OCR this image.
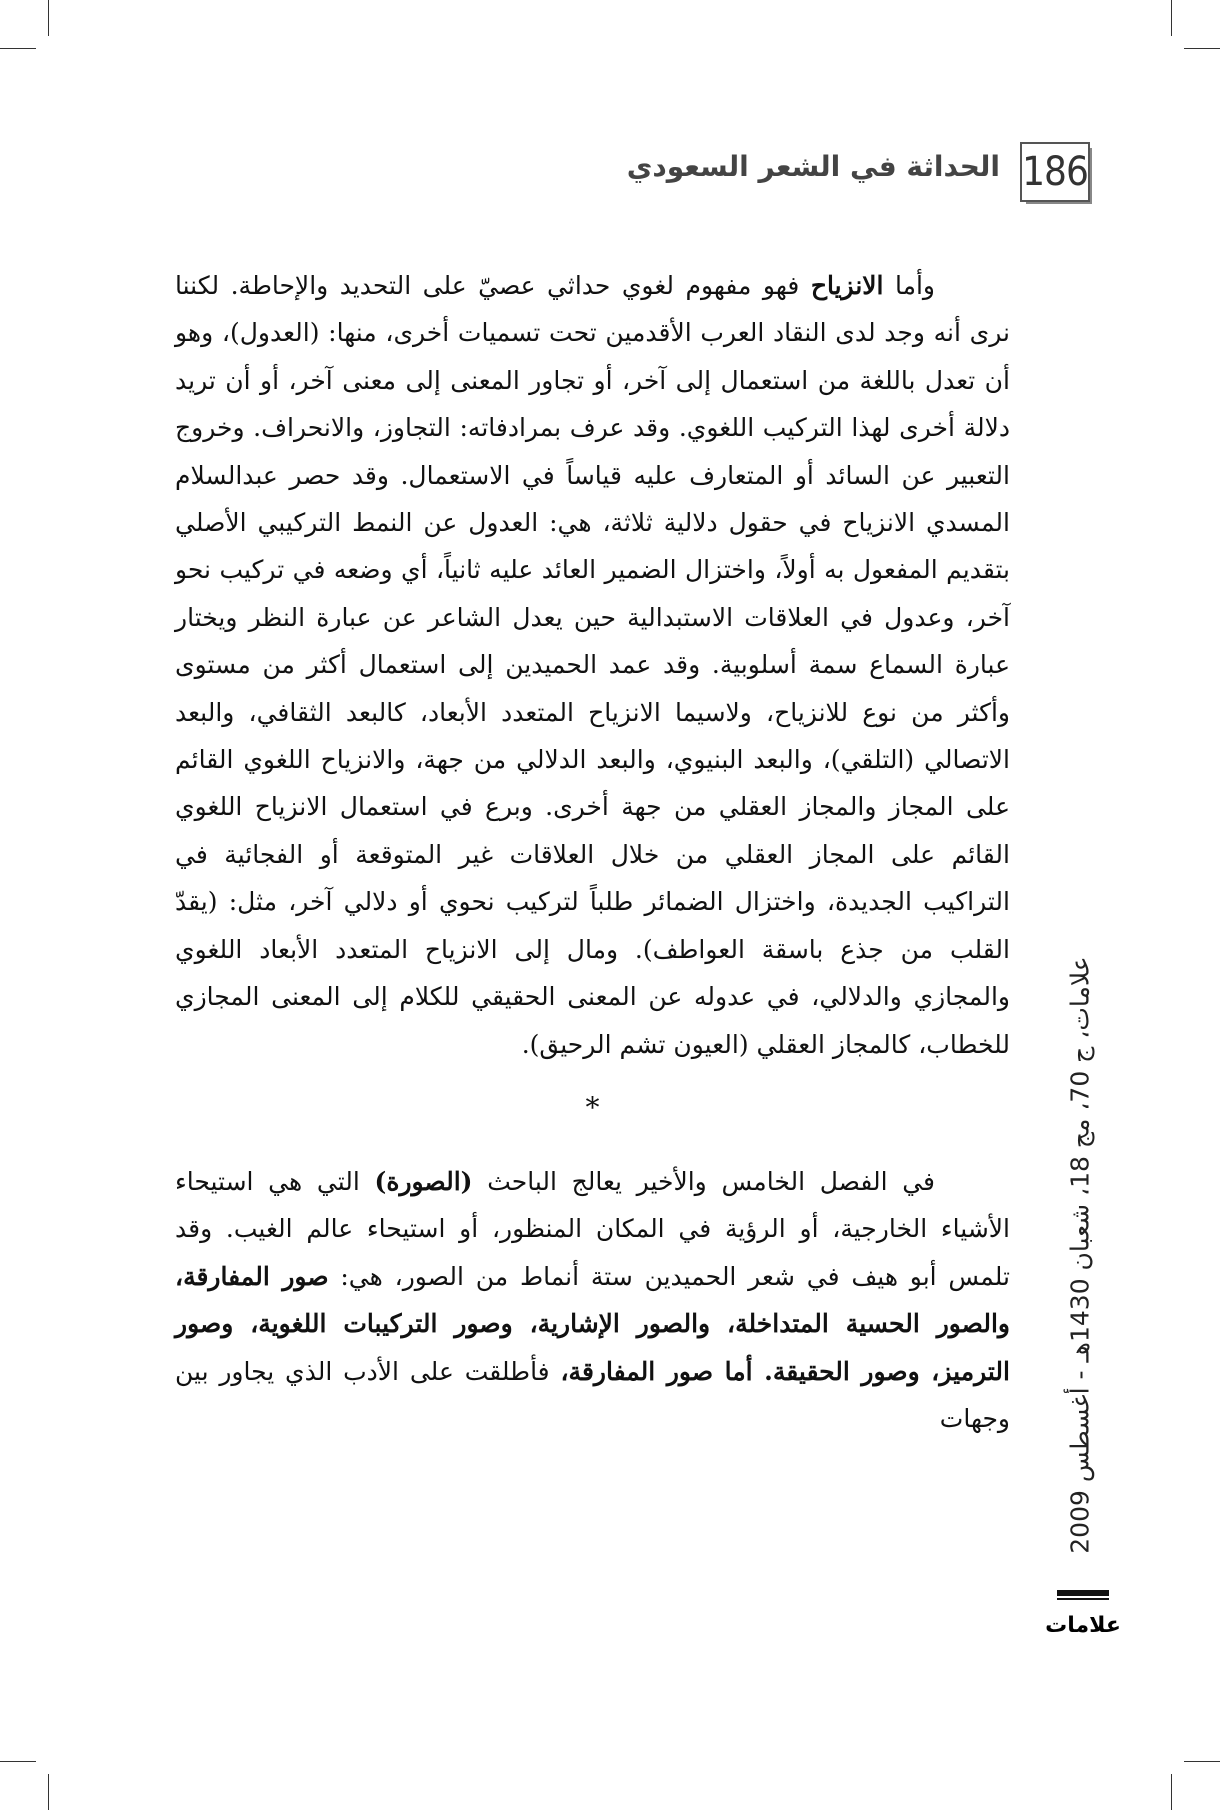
186
الحداثة في الشعر السعودي

وأما الانزياح فهو مفهوم لغوي حداثي عصيّ على التحديد والإحاطة. لكننا نرى أنه وجد لدى النقاد العرب الأقدمين تحت تسميات أخرى، منها: (العدول)، وهو أن تعدل باللغة من استعمال إلى آخر، أو تجاور المعنى إلى معنى آخر، أو أن تريد دلالة أخرى لهذا التركيب اللغوي. وقد عرف بمرادفاته: التجاوز، والانحراف. وخروج التعبير عن السائد أو المتعارف عليه قياساً في الاستعمال. وقد حصر عبدالسلام المسدي الانزياح في حقول دلالية ثلاثة، هي: العدول عن النمط التركيبي الأصلي بتقديم المفعول به أولاً، واختزال الضمير العائد عليه ثانياً، أي وضعه في تركيب نحو آخر، وعدول في العلاقات الاستبدالية حين يعدل الشاعر عن عبارة النظر ويختار عبارة السماع سمة أسلوبية. وقد عمد الحميدين إلى استعمال أكثر من مستوى وأكثر من نوع للانزياح، ولاسيما الانزياح المتعدد الأبعاد، كالبعد الثقافي، والبعد الاتصالي (التلقي)، والبعد البنيوي، والبعد الدلالي من جهة، والانزياح اللغوي القائم على المجاز والمجاز العقلي من جهة أخرى. وبرع في استعمال الانزياح اللغوي القائم على المجاز العقلي من خلال العلاقات غير المتوقعة أو الفجائية في التراكيب الجديدة، واختزال الضمائر طلباً لتركيب نحوي أو دلالي آخر، مثل: (يقدّ القلب من جذع باسقة العواطف). ومال إلى الانزياح المتعدد الأبعاد اللغوي والمجازي والدلالي، في عدوله عن المعنى الحقيقي للكلام إلى المعنى المجازي للخطاب، كالمجاز العقلي (العيون تشم الرحيق).

*

في الفصل الخامس والأخير يعالج الباحث (الصورة) التي هي استيحاء الأشياء الخارجية، أو الرؤية في المكان المنظور، أو استيحاء عالم الغيب. وقد تلمس أبو هيف في شعر الحميدين ستة أنماط من الصور، هي: صور المفارقة، والصور الحسية المتداخلة، والصور الإشارية، وصور التركيبات اللغوية، وصور الترميز، وصور الحقيقة. أما صور المفارقة، فأطلقت على الأدب الذي يجاور بين وجهات

علامات، ج 70، مج 18، شعبان 1430هـ - أغسطس 2009
علامات
